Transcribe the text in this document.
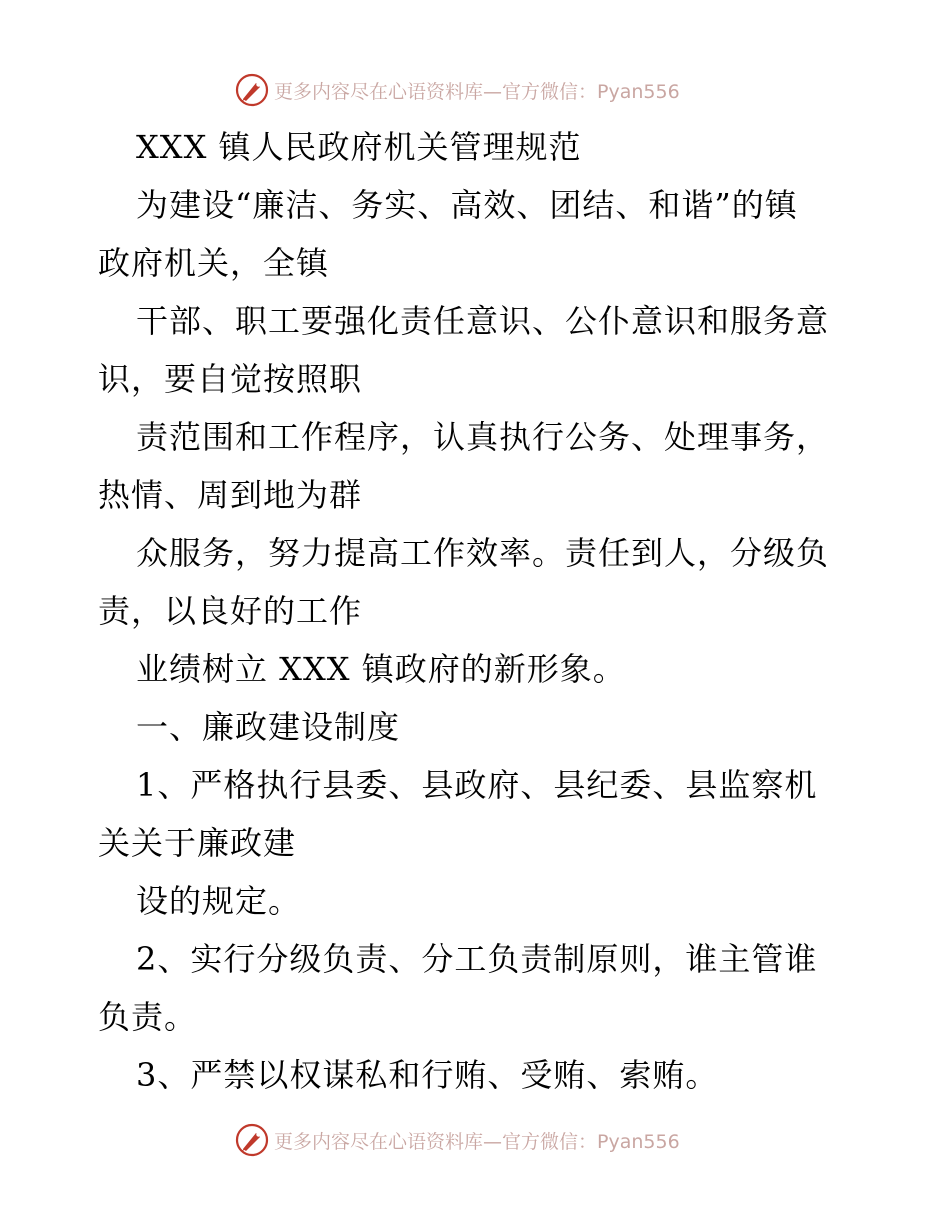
更多内容尽在心语资料库—官方微信：Pyan556
XXX 镇人民政府机关管理规范
为建设“廉洁、务实、高效、团结、和谐”的镇
政府机关，全镇
干部、职工要强化责任意识、公仆意识和服务意
识，要自觉按照职
责范围和工作程序，认真执行公务、处理事务，
热情、周到地为群
众服务，努力提高工作效率。责任到人，分级负
责，以良好的工作
业绩树立 XXX 镇政府的新形象。
一、廉政建设制度
1、严格执行县委、县政府、县纪委、县监察机
关关于廉政建
设的规定。
2、实行分级负责、分工负责制原则，谁主管谁
负责。
3、严禁以权谋私和行贿、受贿、索贿。
更多内容尽在心语资料库—官方微信：Pyan556
